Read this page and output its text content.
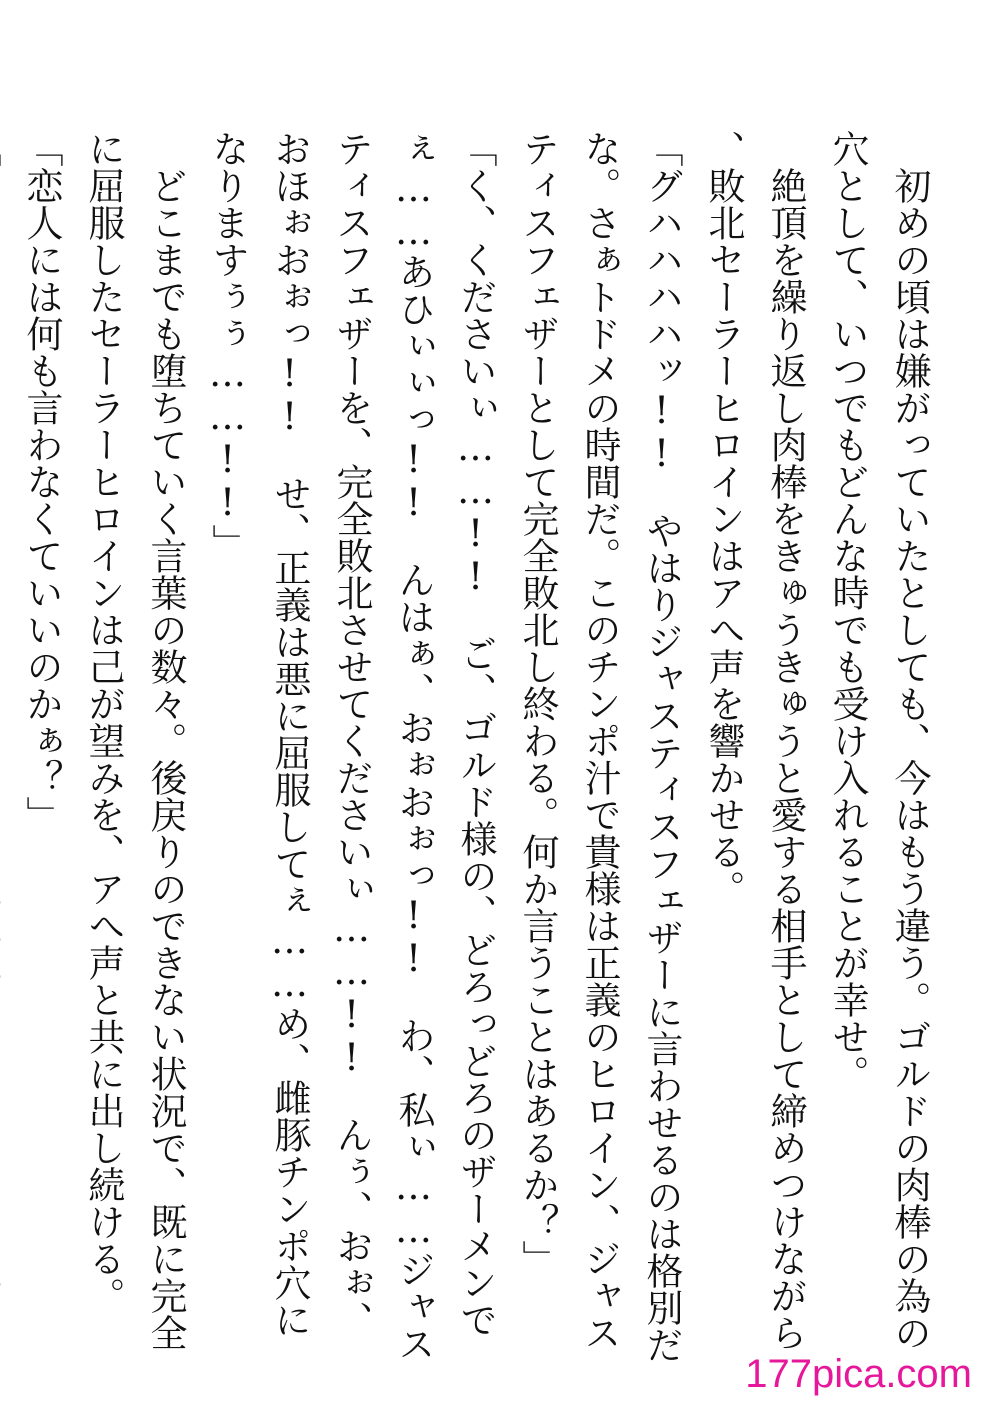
初めの頃は嫌がっていたとしても、今はもう違う。ゴルドの肉棒の為の穴として、いつでもどんな時でも受け入れることが幸せ。

絶頂を繰り返し肉棒をきゅうきゅうと愛する相手として締めつけながら、敗北セーラーヒロインはアへ声を響かせる。

「グハハハハッ!!　やはりジャスティスフェザーに言わせるのは格別だな。さぁトドメの時間だ。このチンポ汁で貴様は正義のヒロイン、ジャスティスフェザーとして完全敗北し終わる。何か言うことはあるか？」

「く、くださいぃ……!!　ご、ゴルド様の、どろっどろのザーメンでぇ……あひぃぃっ!!　んはぁ、おぉおぉっ!!　わ、私ぃ……ジャスティスフェザーを、完全敗北させてくださいぃ……!!　んぅ、おぉ、おほぉおぉっ!!　せ、正義は悪に屈服してぇ……め、雌豚チンポ穴になりますぅぅ……!!」

どこまでも堕ちていく言葉の数々。後戻りのできない状況で、既に完全に屈服したセーラーヒロインは己が望みを、アへ声と共に出し続ける。

「恋人には何も言わなくていいのかぁ？」

177pica.com
